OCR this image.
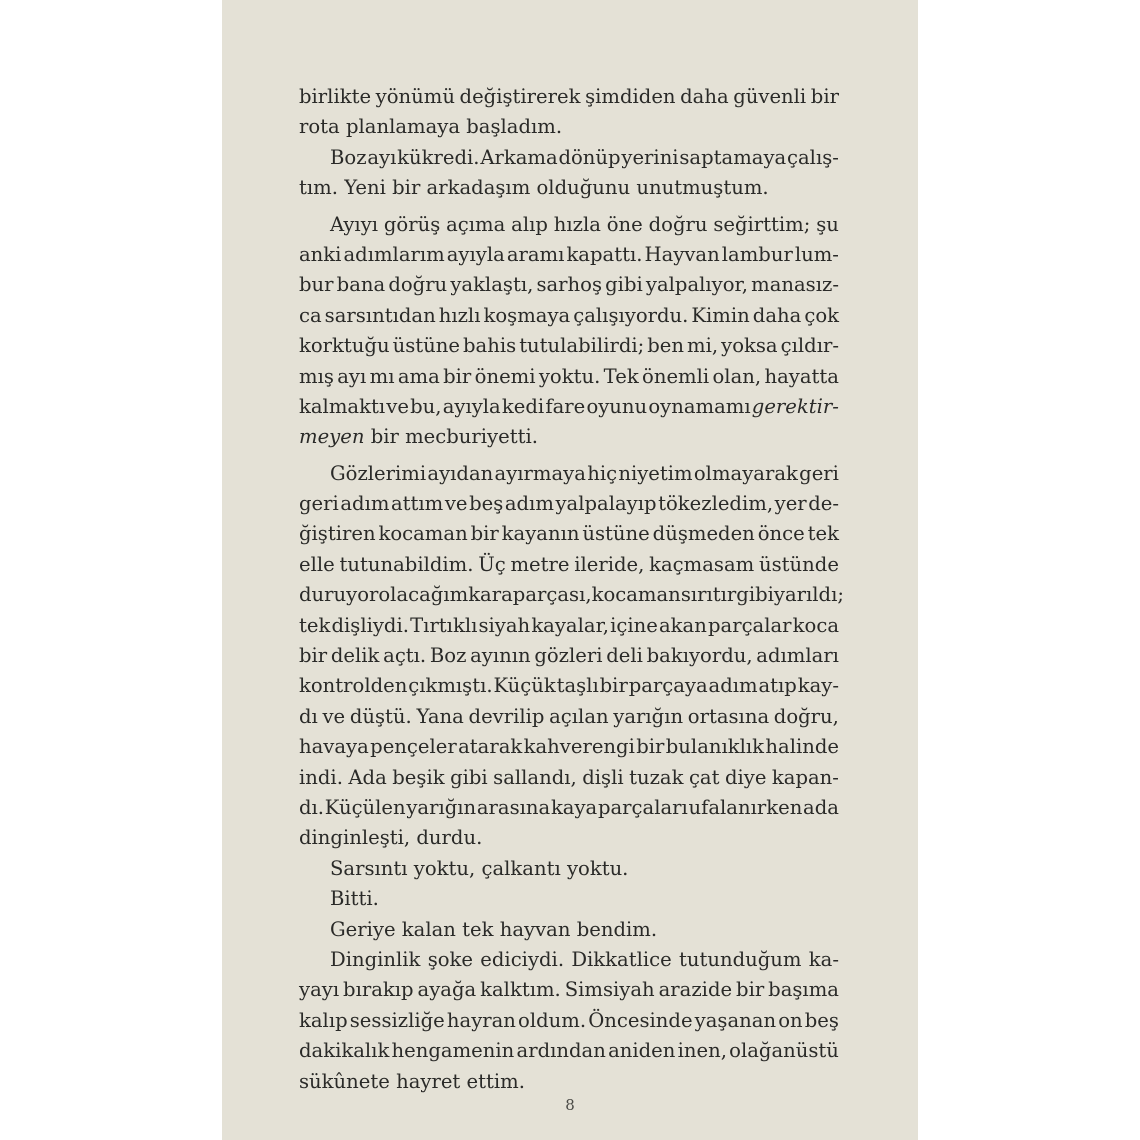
birlikte yönümü değiştirerek şimdiden daha güvenli bir
rota planlamaya başladım.
Boz ayı kükredi. Arkama dönüp yerini saptamaya çalış-
tım. Yeni bir arkadaşım olduğunu unutmuştum.
Ayıyı görüş açıma alıp hızla öne doğru seğirttim; şu
anki adımlarım ayıyla aramı kapattı. Hayvan lambur lum-
bur bana doğru yaklaştı, sarhoş gibi yalpalıyor, manasız-
ca sarsıntıdan hızlı koşmaya çalışıyordu. Kimin daha çok
korktuğu üstüne bahis tutulabilirdi; ben mi, yoksa çıldır-
mış ayı mı ama bir önemi yoktu. Tek önemli olan, hayatta
kalmaktı ve bu, ayıyla kedi fare oyunu oynamamı gerektir-
meyen bir mecburiyetti.
Gözlerimi ayıdan ayırmaya hiç niyetim olmayarak geri
geri adım attım ve beş adım yalpalayıp tökezledim, yer de-
ğiştiren kocaman bir kayanın üstüne düşmeden önce tek
elle tutunabildim. Üç metre ileride, kaçmasam üstünde
duruyor olacağım kara parçası, kocaman sırıtır gibi yarıldı;
tek dişliydi. Tırtıklı siyah kayalar, içine akan parçalar koca
bir delik açtı. Boz ayının gözleri deli bakıyordu, adımları
kontrolden çıkmıştı. Küçük taşlı bir parçaya adım atıp kay-
dı ve düştü. Yana devrilip açılan yarığın ortasına doğru,
havaya pençeler atarak kahverengi bir bulanıklık halinde
indi. Ada beşik gibi sallandı, dişli tuzak çat diye kapan-
dı. Küçülen yarığın arasına kaya parçaları ufalanırken ada
dinginleşti, durdu.
Sarsıntı yoktu, çalkantı yoktu.
Bitti.
Geriye kalan tek hayvan bendim.
Dinginlik şoke ediciydi. Dikkatlice tutunduğum ka-
yayı bırakıp ayağa kalktım. Simsiyah arazide bir başıma
kalıp sessizliğe hayran oldum. Öncesinde yaşanan on beş
dakikalık hengamenin ardından aniden inen, olağanüstü
sükûnete hayret ettim.
8
